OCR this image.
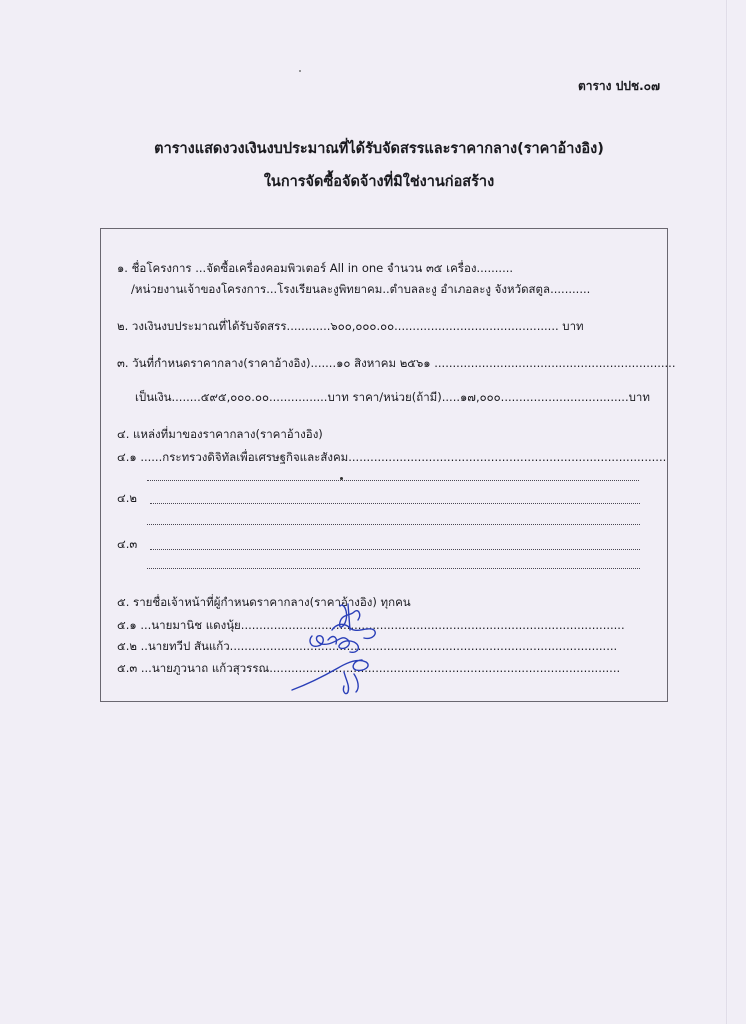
ตาราง ปปช.๐๗
ตารางแสดงวงเงินงบประมาณที่ได้รับจัดสรรและราคากลาง(ราคาอ้างอิง)
ในการจัดซื้อจัดจ้างที่มิใช่งานก่อสร้าง
๑. ชื่อโครงการ ...จัดซื้อเครื่องคอมพิวเตอร์ All in one จำนวน ๓๕ เครื่อง..........
/หน่วยงานเจ้าของโครงการ...โรงเรียนละงูพิทยาคม..ตำบลละงู อำเภอละงู จังหวัดสตูล...........
๒. วงเงินงบประมาณที่ได้รับจัดสรร............๖๐๐,๐๐๐.๐๐............................................. บาท
๓. วันที่กำหนดราคากลาง(ราคาอ้างอิง).......๑๐ สิงหาคม ๒๕๖๑ ..................................................................
เป็นเงิน........๕๙๕,๐๐๐.๐๐................บาท ราคา/หน่วย(ถ้ามี).....๑๗,๐๐๐...................................บาท
๔. แหล่งที่มาของราคากลาง(ราคาอ้างอิง)
๔.๑ ......กระทรวงดิจิทัลเพื่อเศรษฐกิจและสังคม.......................................................................................
๔.๒
๔.๓
๕. รายชื่อเจ้าหน้าที่ผู้กำหนดราคากลาง(ราคาอ้างอิง) ทุกคน
๕.๑ ...นายมานิช แดงนุ้ย.........................................................................................................
๕.๒ ..นายทวีป สันแก้ว..........................................................................................................
๕.๓ ...นายภูวนาถ แก้วสุวรรณ................................................................................................
